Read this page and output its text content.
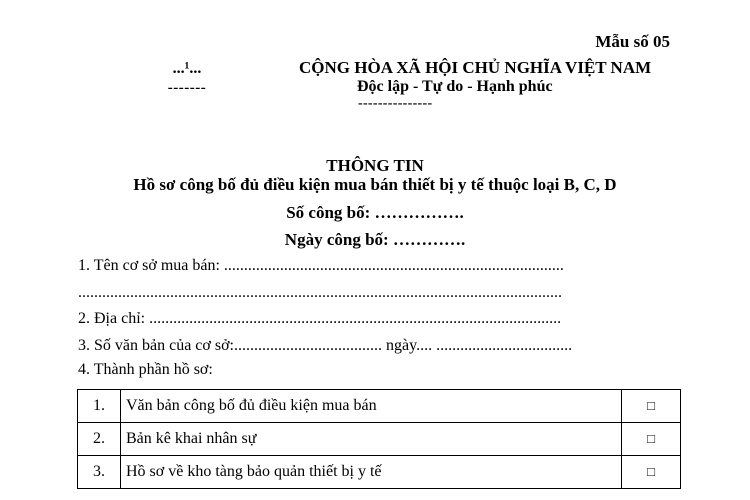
Mẫu số 05
...¹...
-------
CỘNG HÒA XÃ HỘI CHỦ NGHĨA VIỆT NAM
Độc lập - Tự do - Hạnh phúc
---------------
THÔNG TIN
Hồ sơ công bố đủ điều kiện mua bán thiết bị y tế thuộc loại B, C, D
Số công bố: …………….
Ngày công bố: ………….
1. Tên cơ sở mua bán: .....................................................................................
.........................................................................................................................
2. Địa chỉ: .......................................................................................................
3. Số văn bản của cơ sở:..................................... ngày.... ..................................
4. Thành phần hồ sơ:
1.	Văn bản công bố đủ điều kiện mua bán	□
2.	Bản kê khai nhân sự	□
3.	Hồ sơ về kho tàng bảo quản thiết bị y tế	□
